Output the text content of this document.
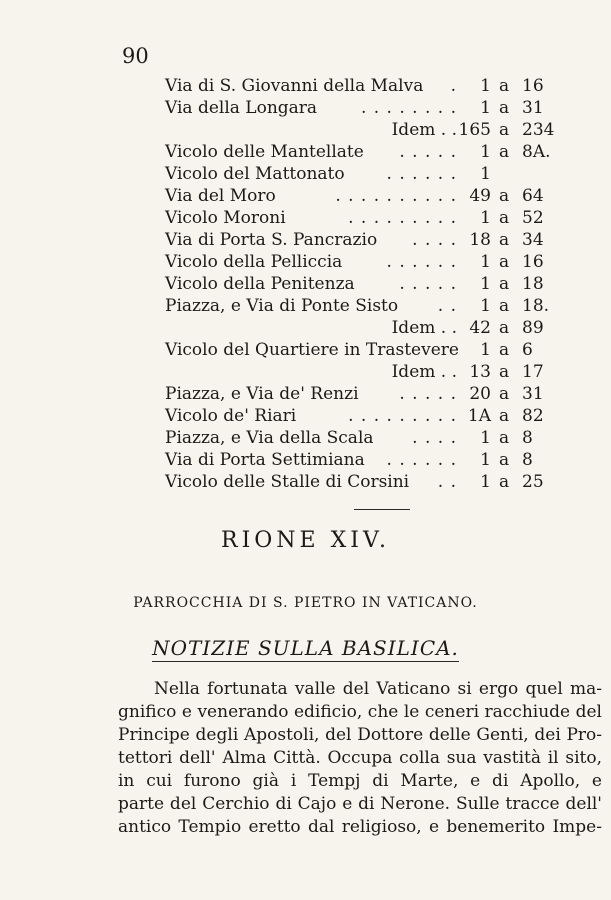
90
Via di S. Giovanni della Malva .	1 a 16
Via della Longara	. . . . . . . .	1 a 31
Idem . . 165 a 234
Vicolo delle Mantellate . . . . .	1 a 8A.
Vicolo del Mattonato . . . . . .	1
Via del Moro	. . . . . . . . . . 49 a 64
Vicolo Moroni	. . . . . . . . .	1 a 52
Via di Porta S. Pancrazio . . . . 18 a 34
Vicolo della Pelliccia	. . . . . .	1 a 16
Vicolo della Penitenza	. . . . .	1 a 18
Piazza, e Via di Ponte Sisto . .	1 a 18.
Idem . . 42 a 89
Vicolo del Quartiere in Trastevere	1 a 6
Idem . . 13 a 17
Piazza, e Via de' Renzi . . . . . 20 a 31
Vicolo de' Riari	. . . . . . . . . 1A a 82
Piazza, e Via della Scala . . . .	1 a 8
Via di Porta Settimiana . . . . . .	1 a 8
Vicolo delle Stalle di Corsini . .	1 a 25
RIONE XIV.
PARROCCHIA DI S. PIETRO IN VATICANO.
NOTIZIE SULLA BASILICA.
Nella fortunata valle del Vaticano si ergo quel ma-
gnifico e venerando edificio, che le ceneri racchiude del
Principe degli Apostoli, del Dottore delle Genti, dei Pro-
tettori dell' Alma Città. Occupa colla sua vastità il sito,
in cui furono già i Tempj di Marte, e di Apollo, e
parte del Cerchio di Cajo e di Nerone. Sulle tracce dell'
antico Tempio eretto dal religioso, e benemerito Impe-
